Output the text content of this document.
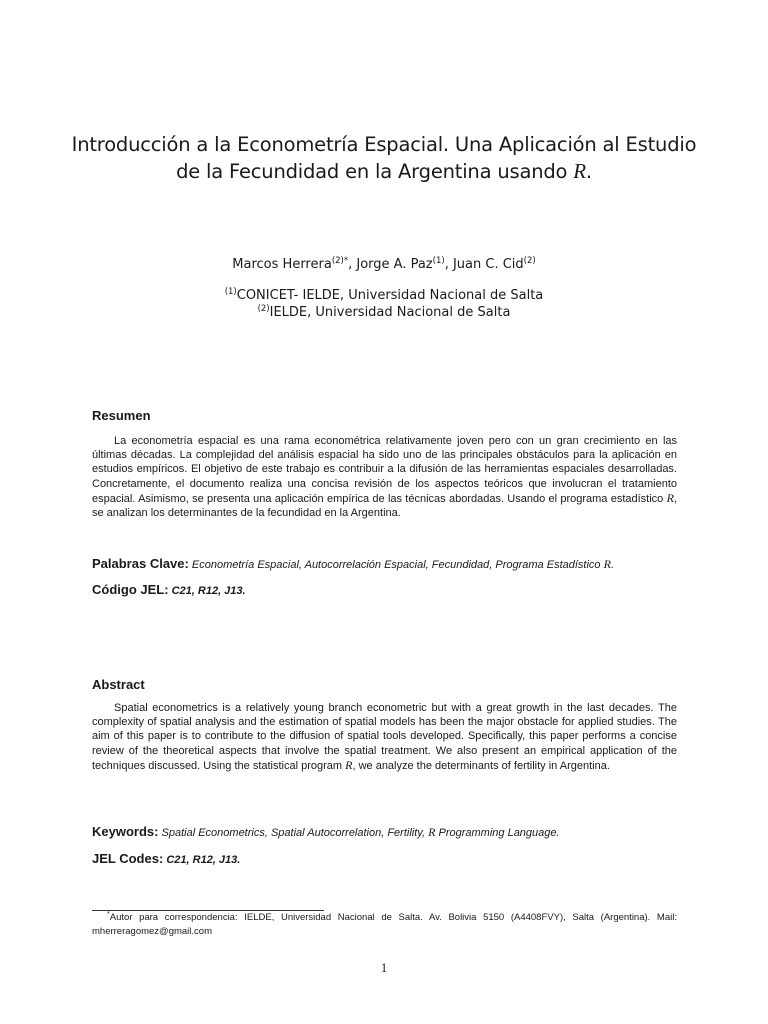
Introducción a la Econometría Espacial. Una Aplicación al Estudio
de la Fecundidad en la Argentina usando R.
Marcos Herrera$^{(2)*}$, Jorge A. Paz$^{(1)}$, Juan C. Cid$^{(2)}$
$^{(1)}$CONICET- IELDE, Universidad Nacional de Salta
$^{(2)}$IELDE, Universidad Nacional de Salta
Resumen
La econometría espacial es una rama econométrica relativamente joven pero con un gran crecimiento en las últimas décadas. La complejidad del análisis espacial ha sido uno de las principales obstáculos para la aplicación en estudios empíricos. El objetivo de este trabajo es contribuir a la difusión de las herramientas espaciales desarrolladas. Concretamente, el documento realiza una concisa revisión de los aspectos teóricos que involucran el tratamiento espacial. Asimismo, se presenta una aplicación empírica de las técnicas abordadas. Usando el programa estadístico R, se analizan los determinantes de la fecundidad en la Argentina.
Palabras Clave: Econometría Espacial, Autocorrelación Espacial, Fecundidad, Programa Estadístico R.
Código JEL: C21, R12, J13.
Abstract
Spatial econometrics is a relatively young branch econometric but with a great growth in the last decades. The complexity of spatial analysis and the estimation of spatial models has been the major obstacle for applied studies. The aim of this paper is to contribute to the diffusion of spatial tools developed. Specifically, this paper performs a concise review of the theoretical aspects that involve the spatial treatment. We also present an empirical application of the techniques discussed. Using the statistical program R, we analyze the determinants of fertility in Argentina.
Keywords: Spatial Econometrics, Spatial Autocorrelation, Fertility, R Programming Language.
JEL Codes: C21, R12, J13.
*Autor para correspondencia: IELDE, Universidad Nacional de Salta. Av. Bolivia 5150 (A4408FVY), Salta (Argentina). Mail: mherreragomez@gmail.com
1
